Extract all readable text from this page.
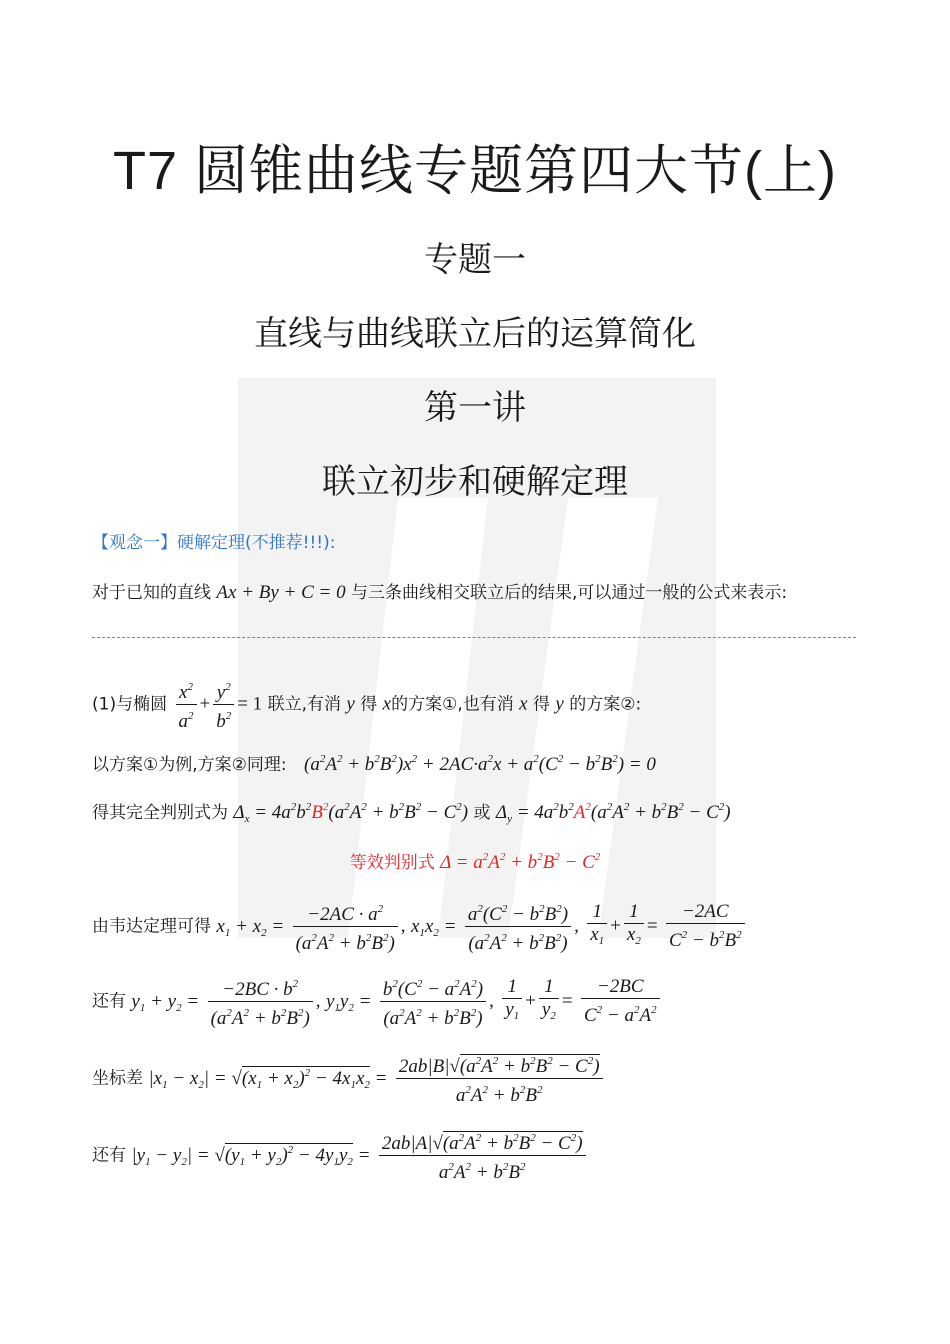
T7 圆锥曲线专题第四大节(上)
专题一
直线与曲线联立后的运算简化
第一讲
联立初步和硬解定理
【观念一】硬解定理(不推荐!!!):
对于已知的直线 Ax + By + C = 0 与三条曲线相交联立后的结果,可以通过一般的公式来表示:
(1)与椭圆 $\frac{x^2}{a^2} + \frac{y^2}{b^2} = 1$ 联立,有消 y 得 x的方案①,也有消 x 得 y 的方案②:
以方案①为例,方案②同理: $(a^2A^2 + b^2B^2)x^2 + 2AC\cdot a^2x + a^2(C^2 - b^2B^2) = 0$
得其完全判别式为 $\Delta_x = 4a^2b^2B^2(a^2A^2 + b^2B^2 - C^2)$ 或 $\Delta_y = 4a^2b^2A^2(a^2A^2 + b^2B^2 - C^2)$
等效判别式 $\Delta = a^2A^2 + b^2B^2 - C^2$
由韦达定理可得 $x_1 + x_2 = \frac{-2AC \cdot a^2}{(a^2A^2 + b^2B^2)}$ , $x_1x_2 = \frac{a^2(C^2 - b^2B^2)}{(a^2A^2 + b^2B^2)}$ , $\frac{1}{x_1} + \frac{1}{x_2} = \frac{-2AC}{C^2 - b^2B^2}$
还有 $y_1 + y_2 = \frac{-2BC \cdot b^2}{(a^2A^2 + b^2B^2)}$ , $y_1y_2 = \frac{b^2(C^2 - a^2A^2)}{(a^2A^2 + b^2B^2)}$ , $\frac{1}{y_1} + \frac{1}{y_2} = \frac{-2BC}{C^2 - a^2A^2}$
坐标差 $|x_1 - x_2| = √(x_1 + x_2)^2 - 4x_1x_2 = \frac{2ab|B|√(a^2A^2 + b^2B^2 - C^2)}{a^2A^2 + b^2B^2}$
还有 $|y_1 - y_2| = √(y_1 + y_2)^2 - 4y_1y_2 = \frac{2ab|A|√(a^2A^2 + b^2B^2 - C^2)}{a^2A^2 + b^2B^2}$
